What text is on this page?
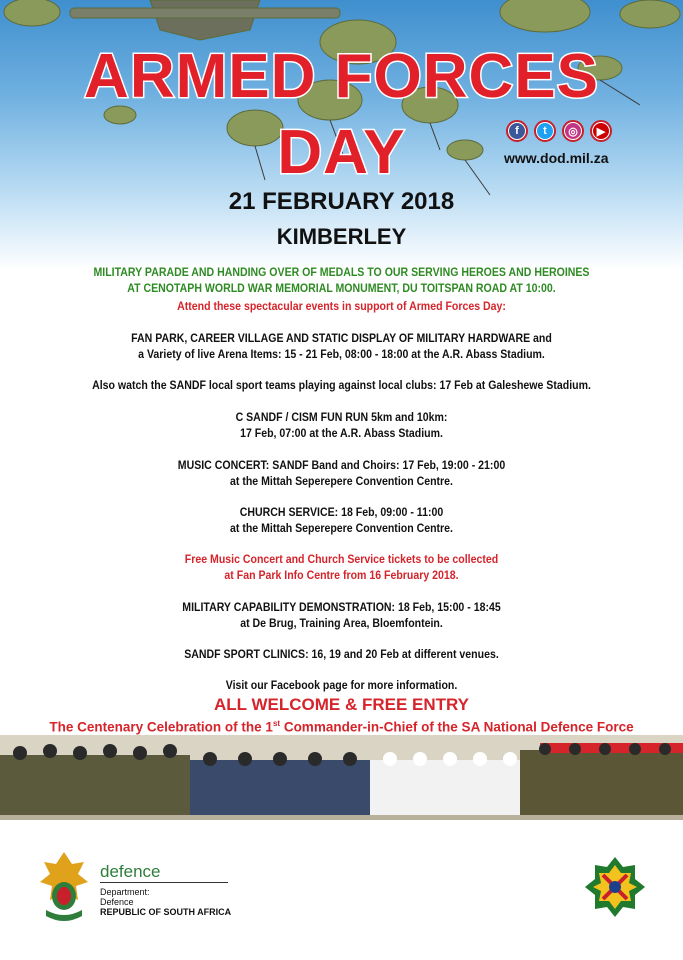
ARMED FORCES
DAY	f	t	◎	▶
www.dod.mil.za
21 FEBRUARY 2018
KIMBERLEY
MILITARY PARADE AND HANDING OVER OF MEDALS TO OUR SERVING HEROES AND HEROINES
AT CENOTAPH WORLD WAR MEMORIAL MONUMENT, DU TOITSPAN ROAD AT 10:00.
Attend these spectacular events in support of Armed Forces Day:
FAN PARK, CAREER VILLAGE AND STATIC DISPLAY OF MILITARY HARDWARE and
a Variety of live Arena Items: 15 - 21 Feb, 08:00 - 18:00 at the A.R. Abass Stadium.
Also watch the SANDF local sport teams playing against local clubs: 17 Feb at Galeshewe Stadium.
C SANDF / CISM FUN RUN 5km and 10km:
17 Feb, 07:00 at the A.R. Abass Stadium.
MUSIC CONCERT: SANDF Band and Choirs: 17 Feb, 19:00 - 21:00
at the Mittah Seperepere Convention Centre.
CHURCH SERVICE: 18 Feb, 09:00 - 11:00
at the Mittah Seperepere Convention Centre.
Free Music Concert and Church Service tickets to be collected
at Fan Park Info Centre from 16 February 2018.
MILITARY CAPABILITY DEMONSTRATION: 18 Feb, 15:00 - 18:45
at De Brug, Training Area, Bloemfontein.
SANDF SPORT CLINICS: 16, 19 and 20 Feb at different venues.
Visit our Facebook page for more information.
ALL WELCOME & FREE ENTRY
The Centenary Celebration of the 1st Commander-in-Chief of the SA National Defence Force
defence
Department:
Defence
REPUBLIC OF SOUTH AFRICA
